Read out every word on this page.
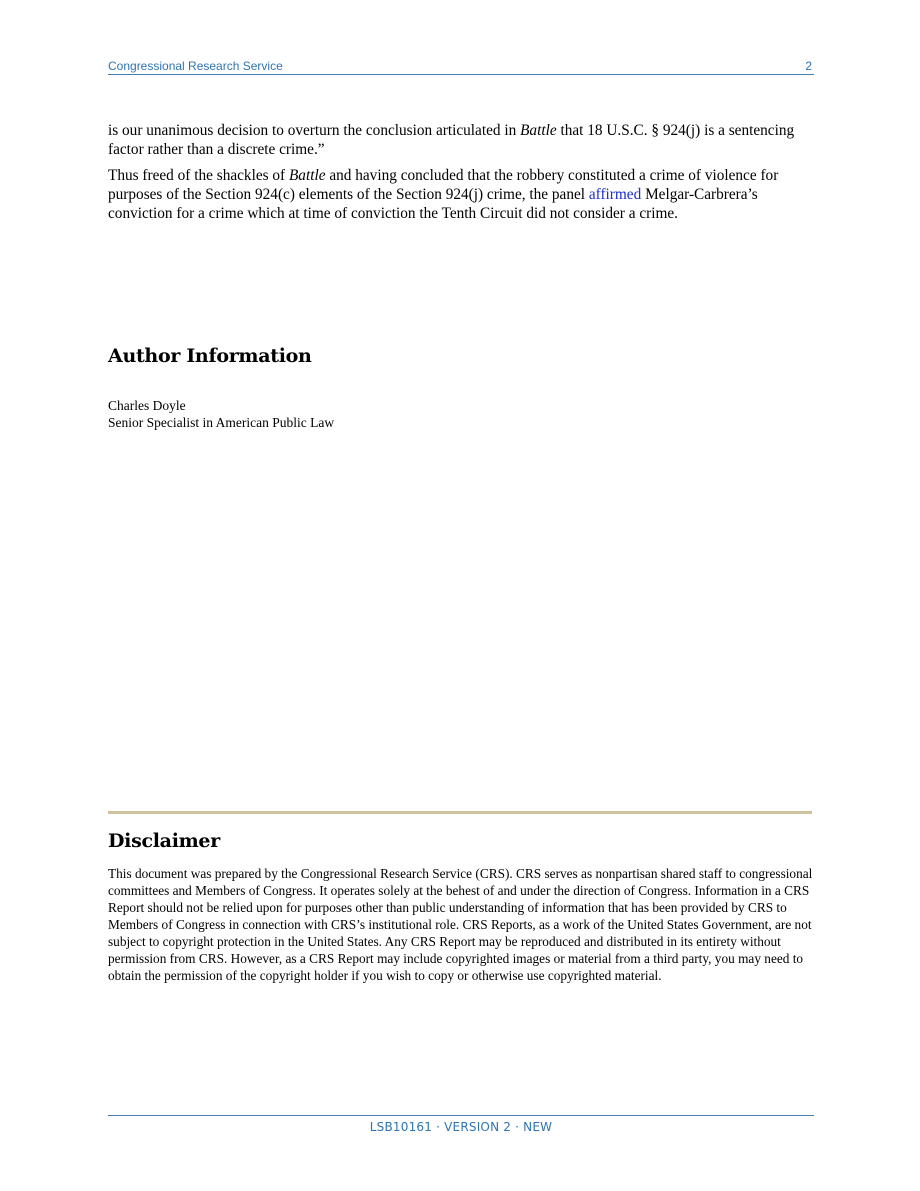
Congressional Research Service	2

is our unanimous decision to overturn the conclusion articulated in Battle that 18 U.S.C. § 924(j) is a sentencing factor rather than a discrete crime.”

Thus freed of the shackles of Battle and having concluded that the robbery constituted a crime of violence for purposes of the Section 924(c) elements of the Section 924(j) crime, the panel affirmed Melgar-Carbrera’s conviction for a crime which at time of conviction the Tenth Circuit did not consider a crime.

Author Information
Charles Doyle
Senior Specialist in American Public Law
Disclaimer
This document was prepared by the Congressional Research Service (CRS). CRS serves as nonpartisan shared staff to congressional committees and Members of Congress. It operates solely at the behest of and under the direction of Congress. Information in a CRS Report should not be relied upon for purposes other than public understanding of information that has been provided by CRS to Members of Congress in connection with CRS’s institutional role. CRS Reports, as a work of the United States Government, are not subject to copyright protection in the United States. Any CRS Report may be reproduced and distributed in its entirety without permission from CRS. However, as a CRS Report may include copyrighted images or material from a third party, you may need to obtain the permission of the copyright holder if you wish to copy or otherwise use copyrighted material.
LSB10161 · VERSION 2 · NEW
